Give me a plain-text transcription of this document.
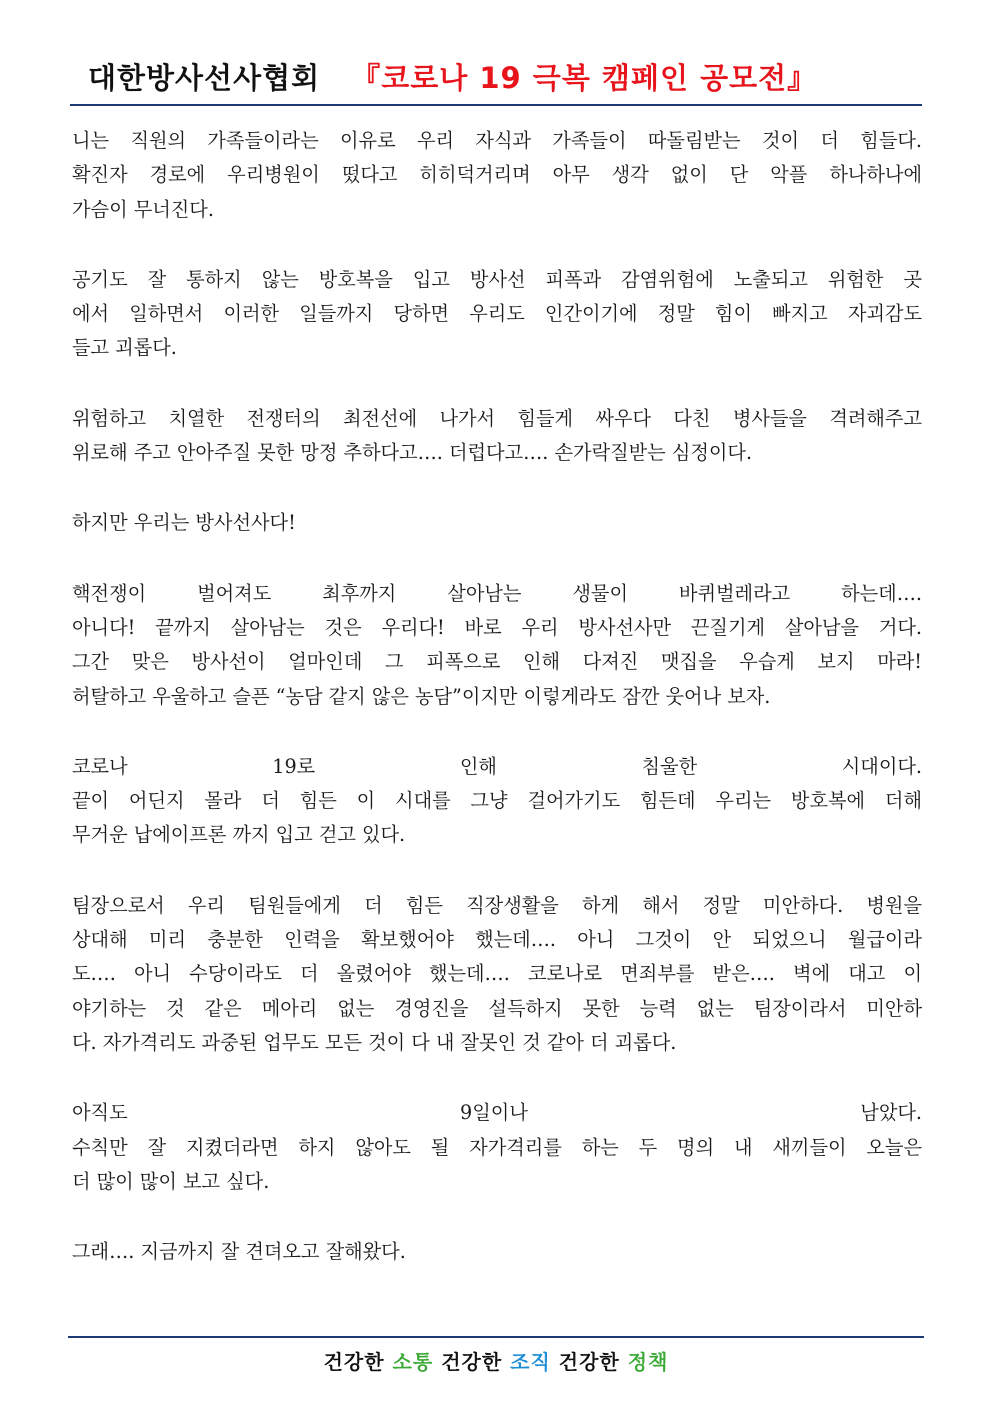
대한방사선사협회 『코로나 19 극복 캠페인 공모전』
니는 직원의 가족들이라는 이유로 우리 자식과 가족들이 따돌림받는 것이 더 힘들다.
확진자 경로에 우리병원이 떴다고 히히덕거리며 아무 생각 없이 단 악플 하나하나에
가슴이 무너진다.
공기도 잘 통하지 않는 방호복을 입고 방사선 피폭과 감염위험에 노출되고 위험한 곳
에서 일하면서 이러한 일들까지 당하면 우리도 인간이기에 정말 힘이 빠지고 자괴감도
들고 괴롭다.
위험하고 치열한 전쟁터의 최전선에 나가서 힘들게 싸우다 다친 병사들을 격려해주고
위로해 주고 안아주질 못한 망정 추하다고…. 더럽다고…. 손가락질받는 심정이다.
하지만 우리는 방사선사다!
핵전쟁이 벌어져도 최후까지 살아남는 생물이 바퀴벌레라고 하는데….
아니다! 끝까지 살아남는 것은 우리다! 바로 우리 방사선사만 끈질기게 살아남을 거다.
그간 맞은 방사선이 얼마인데 그 피폭으로 인해 다져진 맷집을 우습게 보지 마라!
허탈하고 우울하고 슬픈 “농담 같지 않은 농담”이지만 이렇게라도 잠깐 웃어나 보자.
코로나 19로 인해 침울한 시대이다.
끝이 어딘지 몰라 더 힘든 이 시대를 그냥 걸어가기도 힘든데 우리는 방호복에 더해
무거운 납에이프론 까지 입고 걷고 있다.
팀장으로서 우리 팀원들에게 더 힘든 직장생활을 하게 해서 정말 미안하다. 병원을
상대해 미리 충분한 인력을 확보했어야 했는데…. 아니 그것이 안 되었으니 월급이라
도…. 아니 수당이라도 더 올렸어야 했는데…. 코로나로 면죄부를 받은…. 벽에 대고 이
야기하는 것 같은 메아리 없는 경영진을 설득하지 못한 능력 없는 팀장이라서 미안하
다. 자가격리도 과중된 업무도 모든 것이 다 내 잘못인 것 같아 더 괴롭다.
아직도 9일이나 남았다.
수칙만 잘 지켰더라면 하지 않아도 될 자가격리를 하는 두 명의 내 새끼들이 오늘은
더 많이 많이 보고 싶다.
그래…. 지금까지 잘 견뎌오고 잘해왔다.
건강한 소통 건강한 조직 건강한 정책
